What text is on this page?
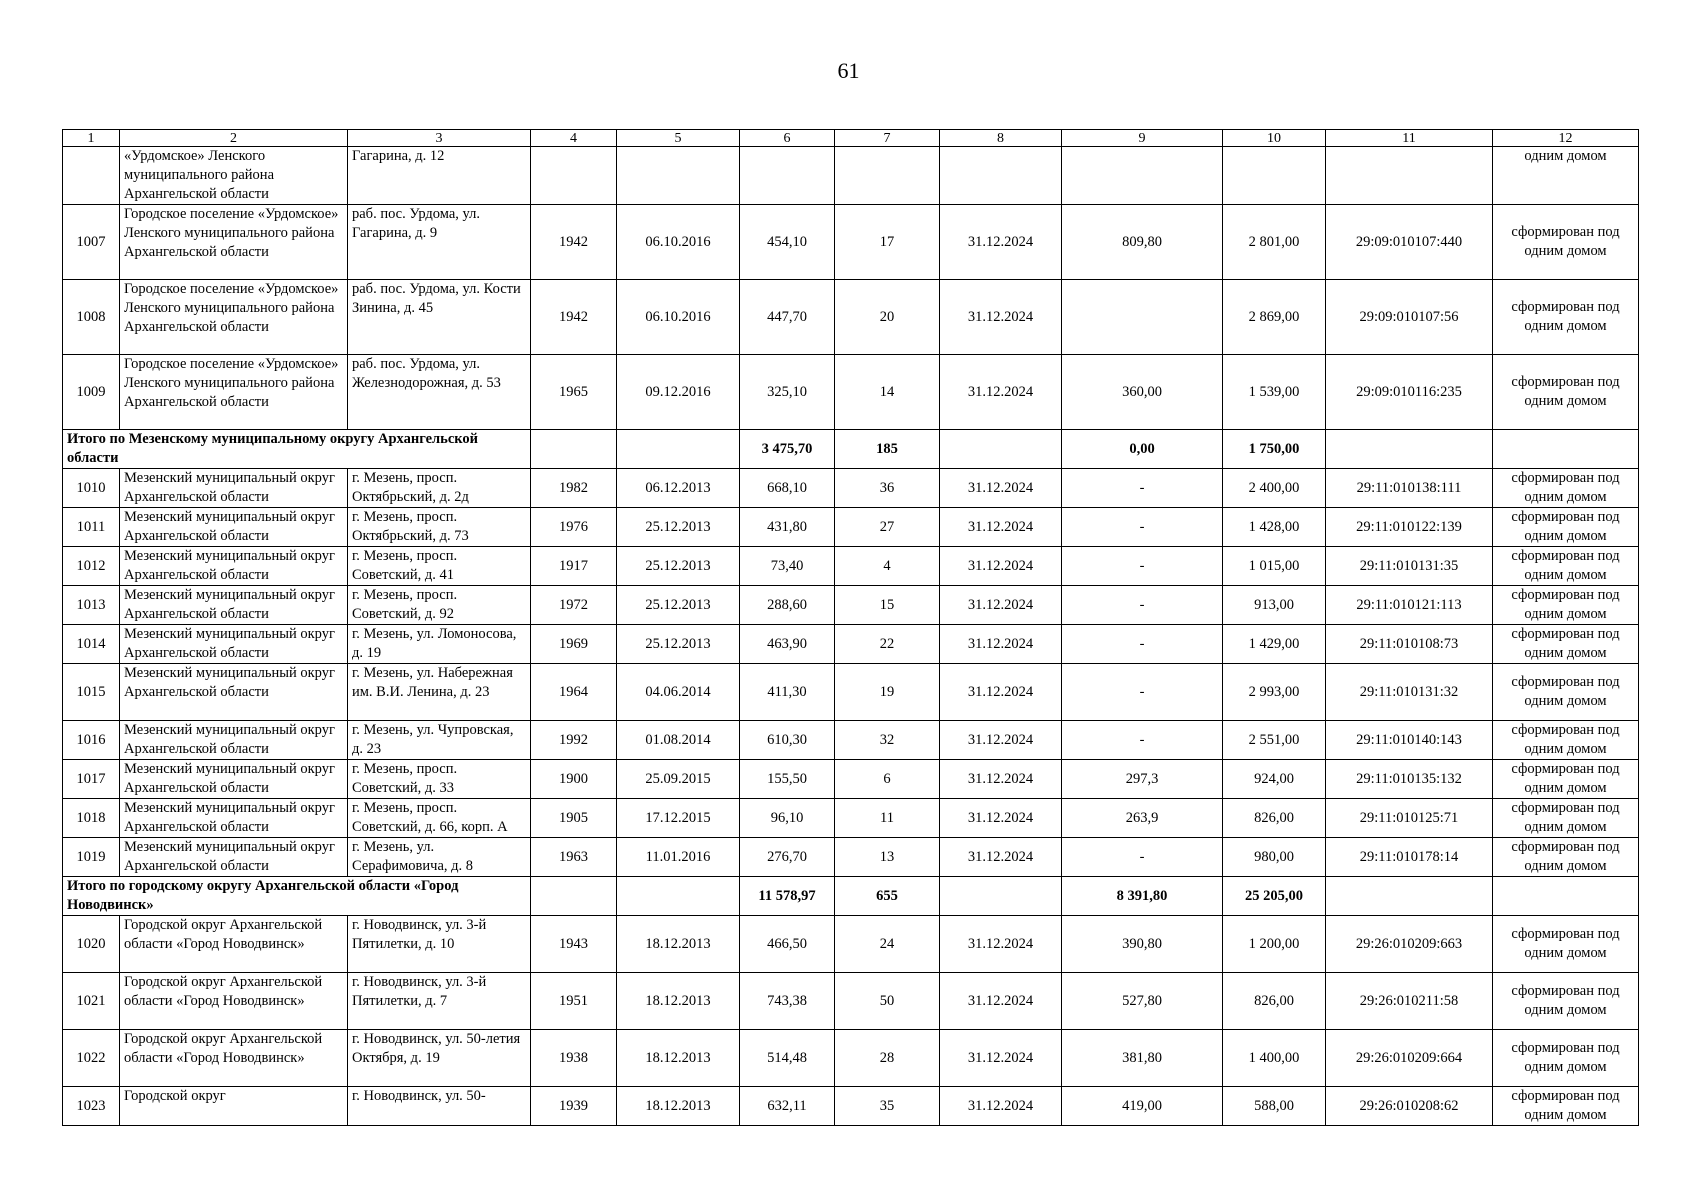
61
1	2	3	4	5	6	7	8	9	10	11	12
	«Урдомское» Ленского муниципального района Архангельской области	Гагарина, д. 12									одним домом
1007	Городское поселение «Урдомское» Ленского муниципального района Архангельской области	раб. пос. Урдома, ул. Гагарина, д. 9	1942	06.10.2016	454,10	17	31.12.2024	809,80	2 801,00	29:09:010107:440	сформирован под одним домом
1008	Городское поселение «Урдомское» Ленского муниципального района Архангельской области	раб. пос. Урдома, ул. Кости Зинина, д. 45	1942	06.10.2016	447,70	20	31.12.2024		2 869,00	29:09:010107:56	сформирован под одним домом
1009	Городское поселение «Урдомское» Ленского муниципального района Архангельской области	раб. пос. Урдома, ул. Железнодорожная, д. 53	1965	09.12.2016	325,10	14	31.12.2024	360,00	1 539,00	29:09:010116:235	сформирован под одним домом
Итого по Мезенскому муниципальному округу Архангельской области					3 475,70	185		0,00	1 750,00		
1010	Мезенский муниципальный округ Архангельской области	г. Мезень, просп. Октябрьский, д. 2д	1982	06.12.2013	668,10	36	31.12.2024	-	2 400,00	29:11:010138:111	сформирован под одним домом
1011	Мезенский муниципальный округ Архангельской области	г. Мезень, просп. Октябрьский, д. 73	1976	25.12.2013	431,80	27	31.12.2024	-	1 428,00	29:11:010122:139	сформирован под одним домом
1012	Мезенский муниципальный округ Архангельской области	г. Мезень, просп. Советский, д. 41	1917	25.12.2013	73,40	4	31.12.2024	-	1 015,00	29:11:010131:35	сформирован под одним домом
1013	Мезенский муниципальный округ Архангельской области	г. Мезень, просп. Советский, д. 92	1972	25.12.2013	288,60	15	31.12.2024	-	913,00	29:11:010121:113	сформирован под одним домом
1014	Мезенский муниципальный округ Архангельской области	г. Мезень, ул. Ломоносова, д. 19	1969	25.12.2013	463,90	22	31.12.2024	-	1 429,00	29:11:010108:73	сформирован под одним домом
1015	Мезенский муниципальный округ Архангельской области	г. Мезень, ул. Набережная им. В.И. Ленина, д. 23	1964	04.06.2014	411,30	19	31.12.2024	-	2 993,00	29:11:010131:32	сформирован под одним домом
1016	Мезенский муниципальный округ Архангельской области	г. Мезень, ул. Чупровская, д. 23	1992	01.08.2014	610,30	32	31.12.2024	-	2 551,00	29:11:010140:143	сформирован под одним домом
1017	Мезенский муниципальный округ Архангельской области	г. Мезень, просп. Советский, д. 33	1900	25.09.2015	155,50	6	31.12.2024	297,3	924,00	29:11:010135:132	сформирован под одним домом
1018	Мезенский муниципальный округ Архангельской области	г. Мезень, просп. Советский, д. 66, корп. А	1905	17.12.2015	96,10	11	31.12.2024	263,9	826,00	29:11:010125:71	сформирован под одним домом
1019	Мезенский муниципальный округ Архангельской области	г. Мезень, ул. Серафимовича, д. 8	1963	11.01.2016	276,70	13	31.12.2024	-	980,00	29:11:010178:14	сформирован под одним домом
Итого по городскому округу Архангельской области «Город Новодвинск»					11 578,97	655		8 391,80	25 205,00		
1020	Городской округ Архангельской области «Город Новодвинск»	г. Новодвинск, ул. 3-й Пятилетки, д. 10	1943	18.12.2013	466,50	24	31.12.2024	390,80	1 200,00	29:26:010209:663	сформирован под одним домом
1021	Городской округ Архангельской области «Город Новодвинск»	г. Новодвинск, ул. 3-й Пятилетки, д. 7	1951	18.12.2013	743,38	50	31.12.2024	527,80	826,00	29:26:010211:58	сформирован под одним домом
1022	Городской округ Архангельской области «Город Новодвинск»	г. Новодвинск, ул. 50-летия Октября, д. 19	1938	18.12.2013	514,48	28	31.12.2024	381,80	1 400,00	29:26:010209:664	сформирован под одним домом
1023	Городской округ	г. Новодвинск, ул. 50-	1939	18.12.2013	632,11	35	31.12.2024	419,00	588,00	29:26:010208:62	сформирован под одним домом
